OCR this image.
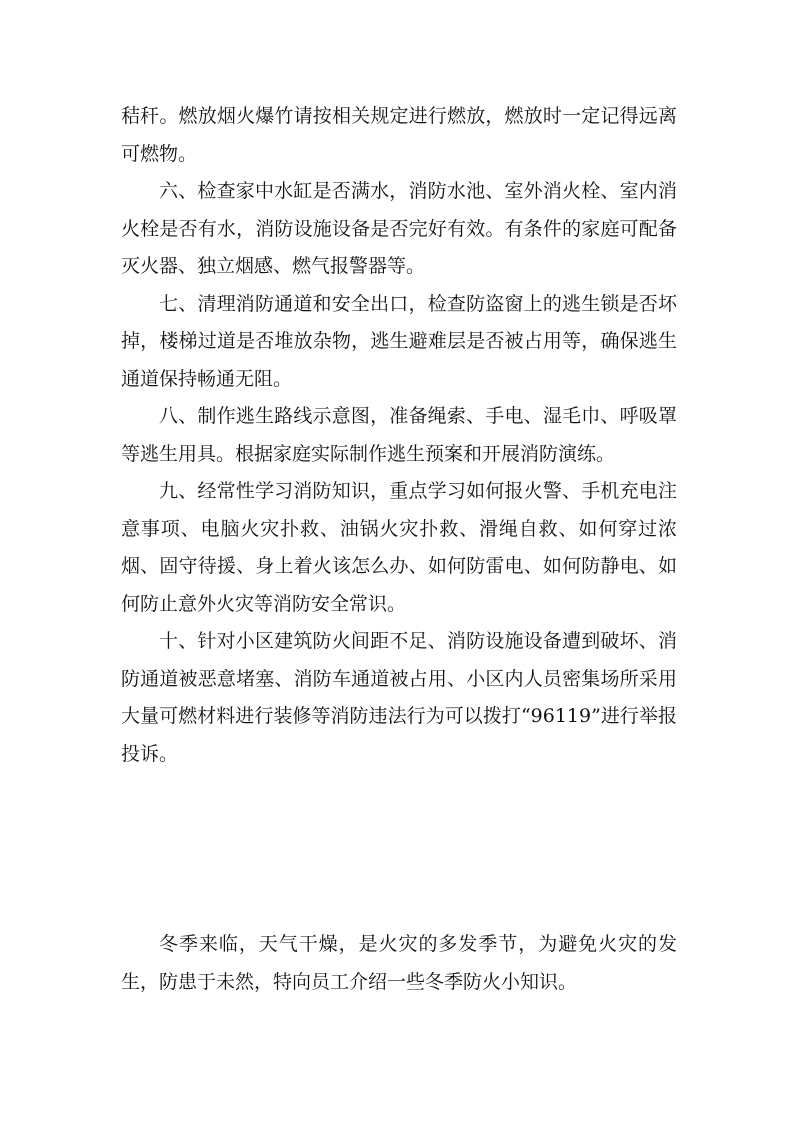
秸秆。燃放烟火爆竹请按相关规定进行燃放，燃放时一定记得远离可燃物。

六、检查家中水缸是否满水，消防水池、室外消火栓、室内消火栓是否有水，消防设施设备是否完好有效。有条件的家庭可配备灭火器、独立烟感、燃气报警器等。

七、清理消防通道和安全出口，检查防盗窗上的逃生锁是否坏掉，楼梯过道是否堆放杂物，逃生避难层是否被占用等，确保逃生通道保持畅通无阻。

八、制作逃生路线示意图，准备绳索、手电、湿毛巾、呼吸罩等逃生用具。根据家庭实际制作逃生预案和开展消防演练。

九、经常性学习消防知识，重点学习如何报火警、手机充电注意事项、电脑火灾扑救、油锅火灾扑救、滑绳自救、如何穿过浓烟、固守待援、身上着火该怎么办、如何防雷电、如何防静电、如何防止意外火灾等消防安全常识。

十、针对小区建筑防火间距不足、消防设施设备遭到破坏、消防通道被恶意堵塞、消防车通道被占用、小区内人员密集场所采用大量可燃材料进行装修等消防违法行为可以拨打“96119”进行举报投诉。

冬季来临，天气干燥，是火灾的多发季节，为避免火灾的发生，防患于未然，特向员工介绍一些冬季防火小知识。
